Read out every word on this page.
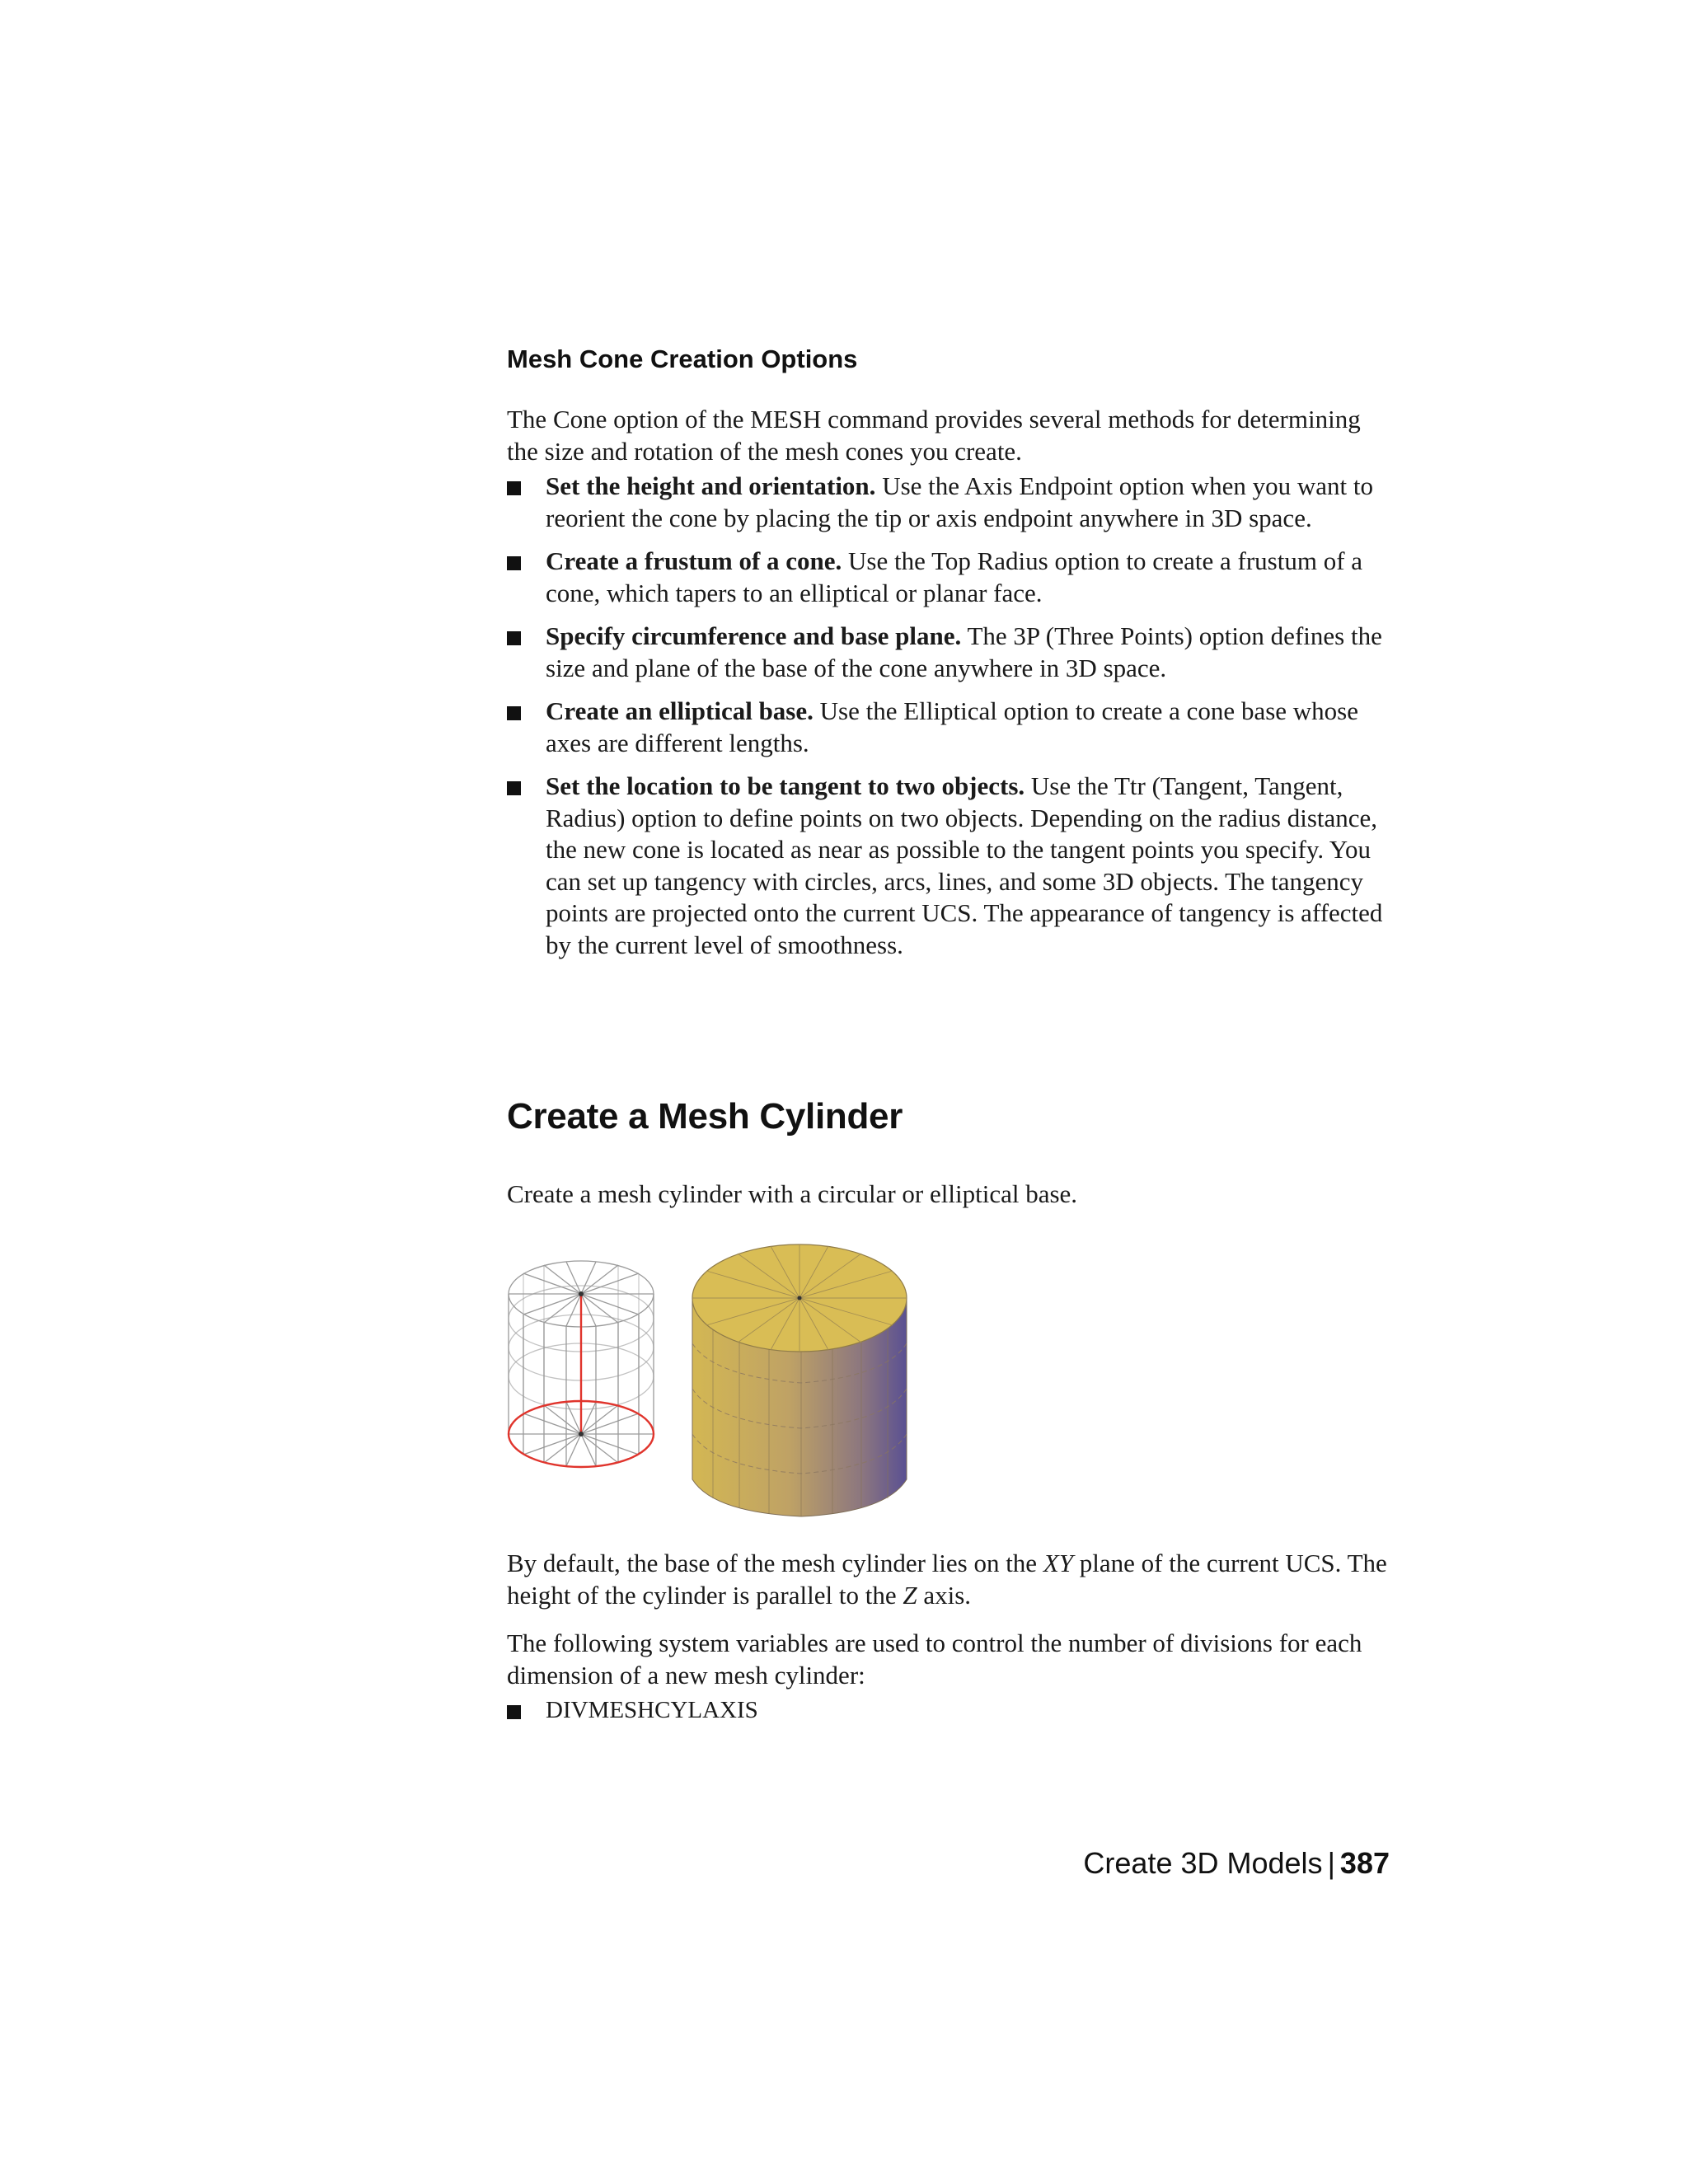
Mesh Cone Creation Options

The Cone option of the MESH command provides several methods for determining the size and rotation of the mesh cones you create.

Set the height and orientation. Use the Axis Endpoint option when you want to reorient the cone by placing the tip or axis endpoint anywhere in 3D space.
Create a frustum of a cone. Use the Top Radius option to create a frustum of a cone, which tapers to an elliptical or planar face.
Specify circumference and base plane. The 3P (Three Points) option defines the size and plane of the base of the cone anywhere in 3D space.
Create an elliptical base. Use the Elliptical option to create a cone base whose axes are different lengths.
Set the location to be tangent to two objects. Use the Ttr (Tangent, Tangent, Radius) option to define points on two objects. Depending on the radius distance, the new cone is located as near as possible to the tangent points you specify. You can set up tangency with circles, arcs, lines, and some 3D objects. The tangency points are projected onto the current UCS. The appearance of tangency is affected by the current level of smoothness.
Create a Mesh Cylinder

Create a mesh cylinder with a circular or elliptical base.

By default, the base of the mesh cylinder lies on the XY plane of the current UCS. The height of the cylinder is parallel to the Z axis.

The following system variables are used to control the number of divisions for each dimension of a new mesh cylinder:

DIVMESHCYLAXIS
Create 3D Models | 387
